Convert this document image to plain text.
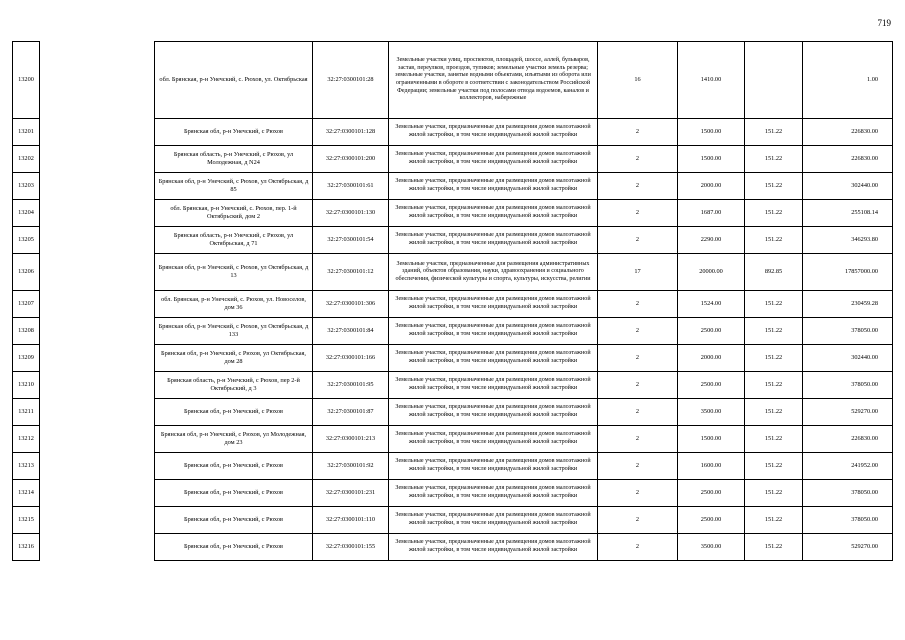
719
13200		обл. Брянская, р-н Унечский, с. Рюхов, ул. Октябрьская	32:27:0300101:28	Земельные участки улиц, проспектов, площадей, шоссе, аллей, бульваров, застав, переулков, проездов, тупиков; земельные участки земель резерва; земельные участки, занятые водными объектами, изъятыми из оборота или ограниченными в обороте в соответствии с законодательством Российской Федерации; земельные участки под полосами отвода водоемов, каналов и коллекторов, набережные	16	1410.00		1.00
13201		Брянская обл, р-н Унечский, с Рюхов	32:27:0300101:128	Земельные участки, предназначенные для размещения домов малоэтажной жилой застройки, в том числе индивидуальной жилой застройки	2	1500.00	151.22	226830.00
13202		Брянская область, р-н Унечский, с Рюхов, ул Молодежная, д N24	32:27:0300101:200	Земельные участки, предназначенные для размещения домов малоэтажной жилой застройки, в том числе индивидуальной жилой застройки	2	1500.00	151.22	226830.00
13203		Брянская обл, р-н Унечский, с Рюхов, ул Октябрьская, д 85	32:27:0300101:61	Земельные участки, предназначенные для размещения домов малоэтажной жилой застройки, в том числе индивидуальной жилой застройки	2	2000.00	151.22	302440.00
13204		обл. Брянская, р-н Унечский, с. Рюхов, пер. 1-й Октябрьский, дом 2	32:27:0300101:130	Земельные участки, предназначенные для размещения домов малоэтажной жилой застройки, в том числе индивидуальной жилой застройки	2	1687.00	151.22	255108.14
13205		Брянская область, р-н Унечский, с Рюхов, ул Октябрьская, д 71	32:27:0300101:54	Земельные участки, предназначенные для размещения домов малоэтажной жилой застройки, в том числе индивидуальной жилой застройки	2	2290.00	151.22	346293.80
13206		Брянская обл, р-н Унечский, с Рюхов, ул Октябрьская, д 13	32:27:0300101:12	Земельные участки, предназначенные для размещения административных зданий, объектов образования, науки, здравоохранения и социального обеспечения, физической культуры и спорта, культуры, искусства, религии	17	20000.00	892.85	17857000.00
13207		обл. Брянская, р-н Унечский, с. Рюхов, ул. Новоселов, дом 36	32:27:0300101:306	Земельные участки, предназначенные для размещения домов малоэтажной жилой застройки, в том числе индивидуальной жилой застройки	2	1524.00	151.22	230459.28
13208		Брянская обл, р-н Унечский, с Рюхов, ул Октябрьская, д 133	32:27:0300101:84	Земельные участки, предназначенные для размещения домов малоэтажной жилой застройки, в том числе индивидуальной жилой застройки	2	2500.00	151.22	378050.00
13209		Брянская обл, р-н Унечский, с Рюхов, ул Октябрьская, дом 28	32:27:0300101:166	Земельные участки, предназначенные для размещения домов малоэтажной жилой застройки, в том числе индивидуальной жилой застройки	2	2000.00	151.22	302440.00
13210		Брянская область, р-н Унечский, с Рюхов, пер 2-й Октябрьский, д 3	32:27:0300101:95	Земельные участки, предназначенные для размещения домов малоэтажной жилой застройки, в том числе индивидуальной жилой застройки	2	2500.00	151.22	378050.00
13211		Брянская обл, р-н Унечский, с Рюхов	32:27:0300101:87	Земельные участки, предназначенные для размещения домов малоэтажной жилой застройки, в том числе индивидуальной жилой застройки	2	3500.00	151.22	529270.00
13212		Брянская обл, р-н Унечский, с Рюхов, ул Молодежная, дом 23	32:27:0300101:213	Земельные участки, предназначенные для размещения домов малоэтажной жилой застройки, в том числе индивидуальной жилой застройки	2	1500.00	151.22	226830.00
13213		Брянская обл, р-н Унечский, с Рюхов	32:27:0300101:92	Земельные участки, предназначенные для размещения домов малоэтажной жилой застройки, в том числе индивидуальной жилой застройки	2	1600.00	151.22	241952.00
13214		Брянская обл, р-н Унечский, с Рюхов	32:27:0300101:231	Земельные участки, предназначенные для размещения домов малоэтажной жилой застройки, в том числе индивидуальной жилой застройки	2	2500.00	151.22	378050.00
13215		Брянская обл, р-н Унечский, с Рюхов	32:27:0300101:110	Земельные участки, предназначенные для размещения домов малоэтажной жилой застройки, в том числе индивидуальной жилой застройки	2	2500.00	151.22	378050.00
13216		Брянская обл, р-н Унечский, с Рюхов	32:27:0300101:155	Земельные участки, предназначенные для размещения домов малоэтажной жилой застройки, в том числе индивидуальной жилой застройки	2	3500.00	151.22	529270.00
